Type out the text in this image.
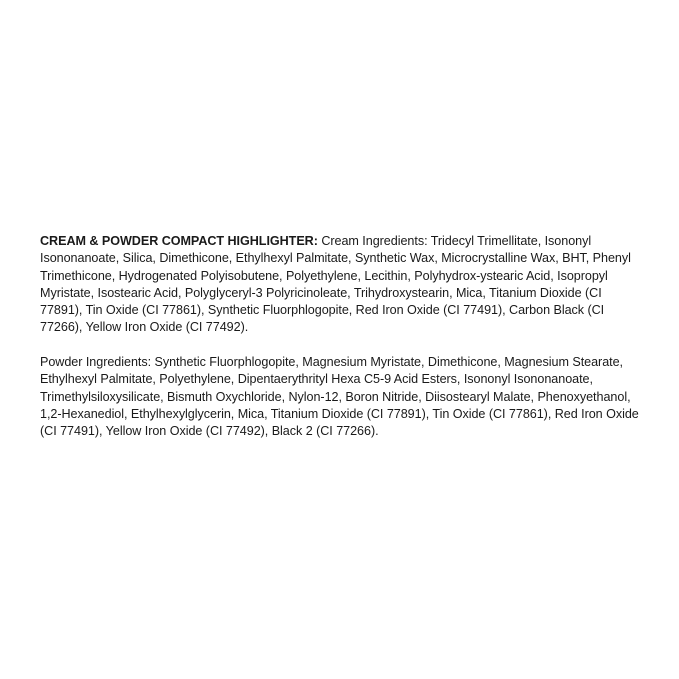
CREAM & POWDER COMPACT HIGHLIGHTER: Cream Ingredients: Tridecyl Trimellitate, Isononyl Isononanoate, Silica, Dimethicone, Ethylhexyl Palmitate, Synthetic Wax, Microcrystalline Wax, BHT, Phenyl Trimethicone, Hydrogenated Polyisobutene, Polyethylene, Lecithin, Polyhydrox-ystearic Acid, Isopropyl Myristate, Isostearic Acid, Polyglyceryl-3 Polyricinoleate, Trihydroxystearin, Mica, Titanium Dioxide (CI 77891), Tin Oxide (CI 77861), Synthetic Fluorphlogopite, Red Iron Oxide (CI 77491), Carbon Black (CI 77266), Yellow Iron Oxide (CI 77492).

Powder Ingredients: Synthetic Fluorphlogopite, Magnesium Myristate, Dimethicone, Magnesium Stearate, Ethylhexyl Palmitate, Polyethylene, Dipentaerythrityl Hexa C5-9 Acid Esters, Isononyl Isononanoate, Trimethylsiloxysilicate, Bismuth Oxychloride, Nylon-12, Boron Nitride, Diisostearyl Malate, Phenoxyethanol, 1,2-Hexanediol, Ethylhexylglycerin, Mica, Titanium Dioxide (CI 77891), Tin Oxide (CI 77861), Red Iron Oxide (CI 77491), Yellow Iron Oxide (CI 77492), Black 2 (CI 77266).
